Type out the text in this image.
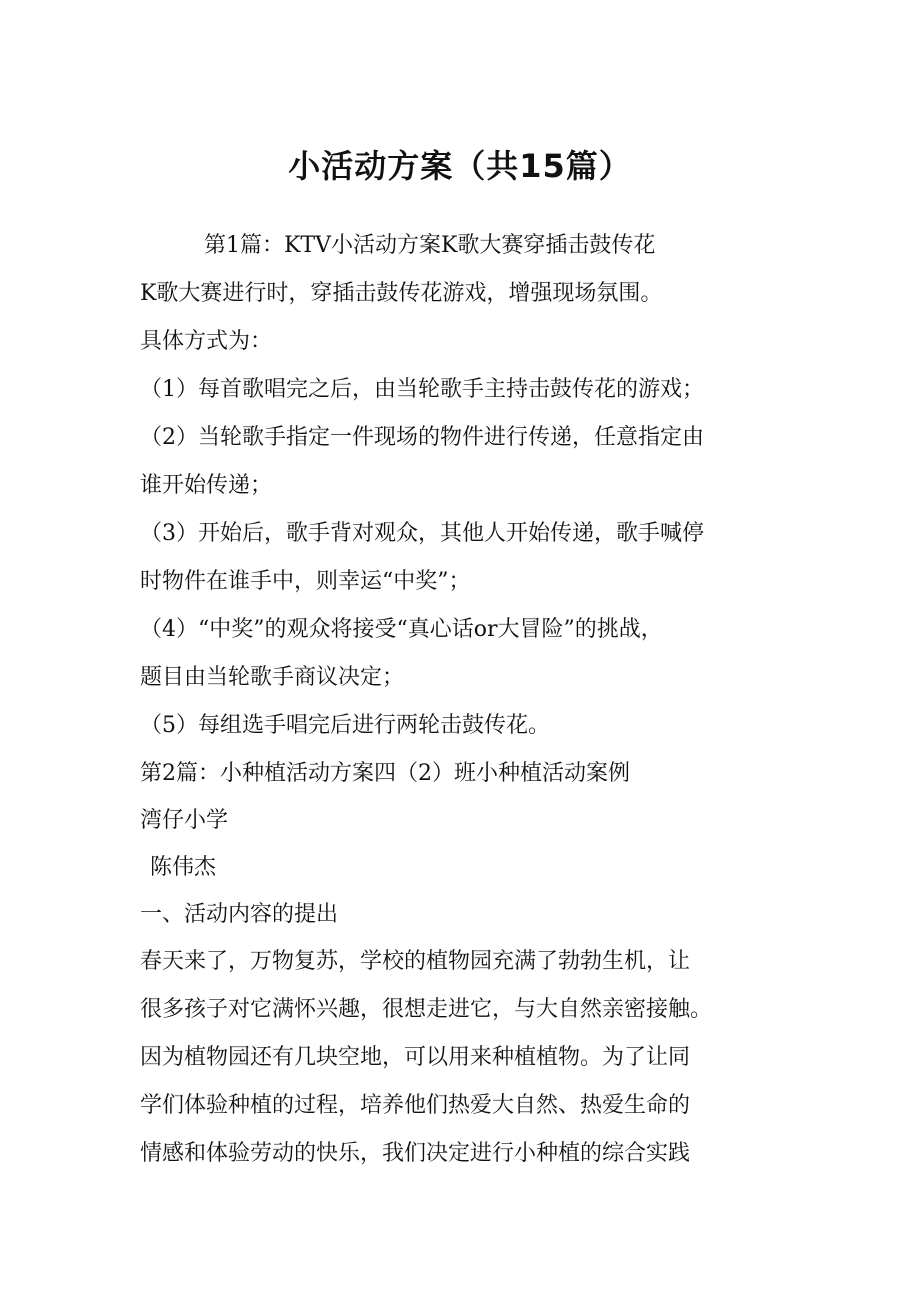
小活动方案（共15篇）

第1篇：KTV小活动方案K歌大赛穿插击鼓传花

K歌大赛进行时，穿插击鼓传花游戏，增强现场氛围。

具体方式为：

（1）每首歌唱完之后，由当轮歌手主持击鼓传花的游戏；

（2）当轮歌手指定一件现场的物件进行传递，任意指定由

谁开始传递；

（3）开始后，歌手背对观众，其他人开始传递，歌手喊停

时物件在谁手中，则幸运“中奖”；

（4）“中奖”的观众将接受“真心话or大冒险”的挑战，

题目由当轮歌手商议决定；

（5）每组选手唱完后进行两轮击鼓传花。

第2篇：小种植活动方案四（2）班小种植活动案例

湾仔小学

陈伟杰

一、活动内容的提出

春天来了，万物复苏，学校的植物园充满了勃勃生机，让

很多孩子对它满怀兴趣，很想走进它，与大自然亲密接触。

因为植物园还有几块空地，可以用来种植植物。为了让同

学们体验种植的过程，培养他们热爱大自然、热爱生命的

情感和体验劳动的快乐，我们决定进行小种植的综合实践
